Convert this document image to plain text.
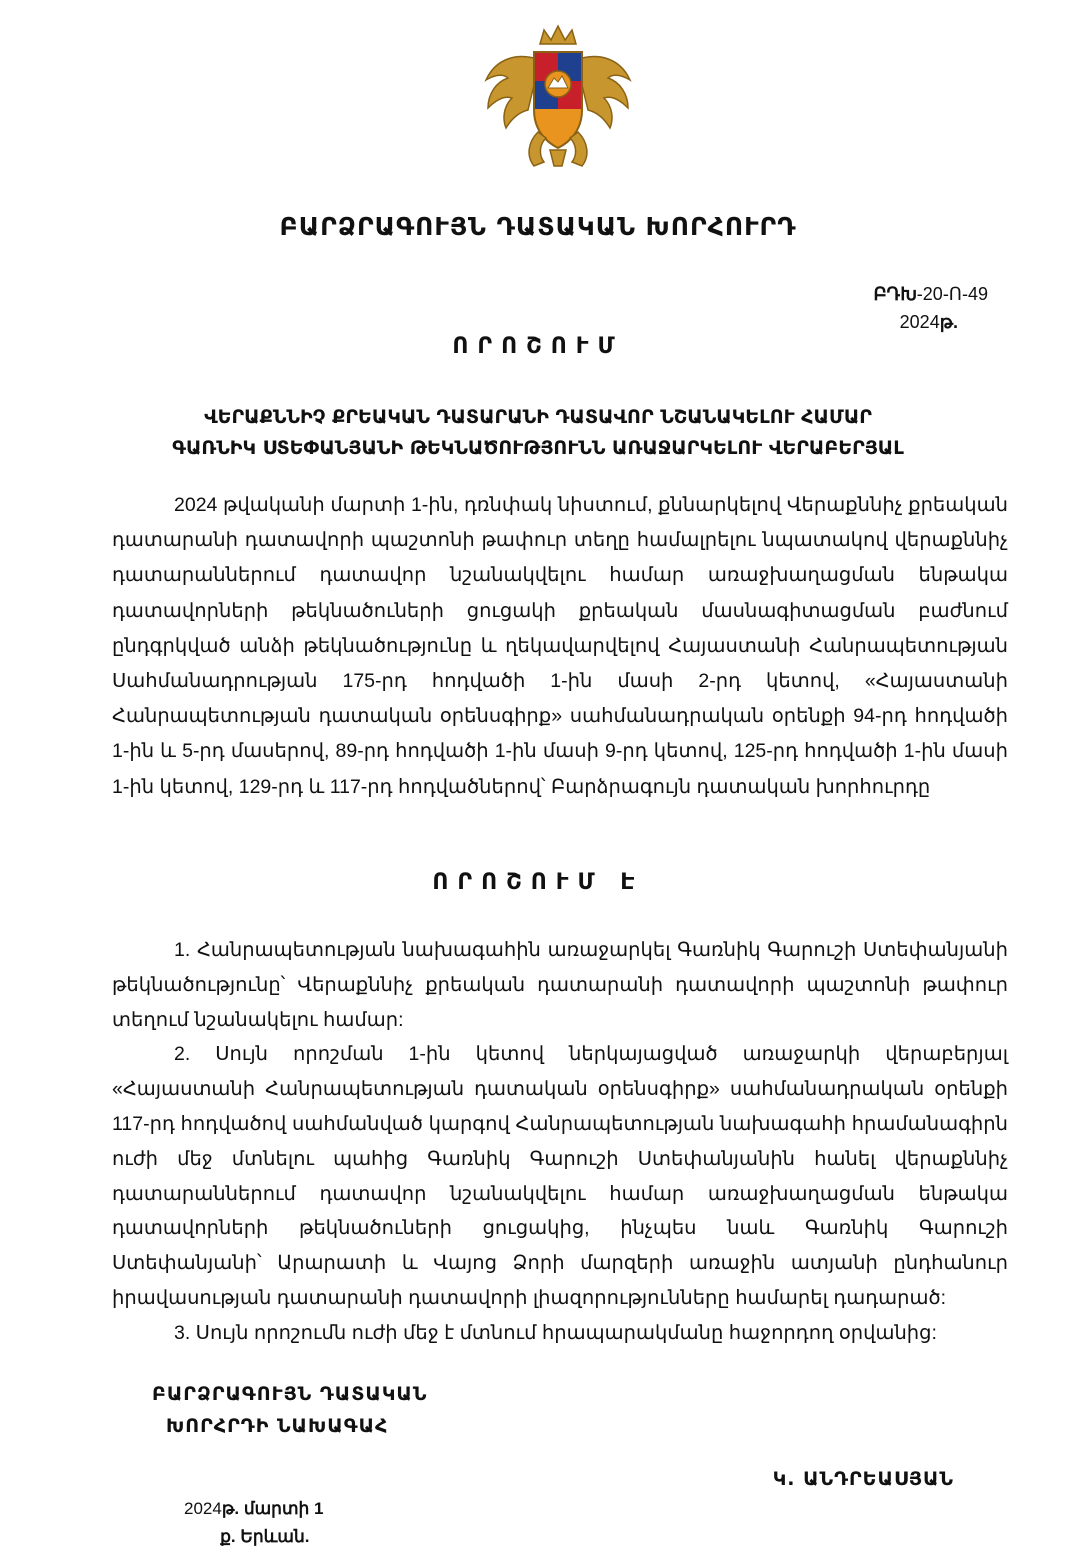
ԲԱՐՁՐԱԳՈՒՅՆ ԴԱՏԱԿԱՆ ԽՈՐՀՈՒՐԴ
ԲԴԽ-20-Ո-49
2024թ.
ՈՐՈՇՈՒՄ
ՎԵՐԱՔՆՆԻՉ ՔՐԵԱԿԱՆ ԴԱՏԱՐԱՆԻ ԴԱՏԱՎՈՐ ՆՇԱՆԱԿԵԼՈՒ ՀԱՄԱՐ
ԳԱՌՆԻԿ ՍՏԵՓԱՆՅԱՆԻ ԹԵԿՆԱԾՈՒԹՅՈՒՆՆ ԱՌԱՋԱՐԿԵԼՈՒ ՎԵՐԱԲԵՐՅԱԼ

2024 թվականի մարտի 1-ին, դռնփակ նիստում, քննարկելով Վերաքննիչ քրեական դատարանի դատավորի պաշտոնի թափուր տեղը համալրելու նպատակով վերաքննիչ դատարաններում դատավոր նշանակվելու համար առաջխաղացման ենթակա դատավորների թեկնածուների ցուցակի քրեական մասնագիտացման բաժնում ընդգրկված անձի թեկնածությունը և ղեկավարվելով Հայաստանի Հանրապետության Սահմանադրության 175-րդ հոդվածի 1-ին մասի 2-րդ կետով, «Հայաստանի Հանրապետության դատական օրենսգիրք» սահմանադրական օրենքի 94-րդ հոդվածի 1-ին և 5-րդ մասերով, 89-րդ հոդվածի 1-ին մասի 9-րդ կետով, 125-րդ հոդվածի 1-ին մասի 1-ին կետով, 129-րդ և 117-րդ հոդվածներով՝ Բարձրագույն դատական խորհուրդը

ՈՐՈՇՈՒՄ Է

1. Հանրապետության նախագահին առաջարկել Գառնիկ Գարուշի Ստեփանյանի թեկնածությունը՝ Վերաքննիչ քրեական դատարանի դատավորի պաշտոնի թափուր տեղում նշանակելու համար:

2. Սույն որոշման 1-ին կետով ներկայացված առաջարկի վերաբերյալ «Հայաստանի Հանրապետության դատական օրենսգիրք» սահմանադրական օրենքի 117-րդ հոդվածով սահմանված կարգով Հանրապետության նախագահի հրամանագիրն ուժի մեջ մտնելու պահից Գառնիկ Գարուշի Ստեփանյանին հանել վերաքննիչ դատարաններում դատավոր նշանակվելու համար առաջխաղացման ենթակա դատավորների թեկնածուների ցուցակից, ինչպես նաև Գառնիկ Գարուշի Ստեփանյանի՝ Արարատի և Վայոց Ձորի մարզերի առաջին ատյանի ընդհանուր իրավասության դատարանի դատավորի լիազորությունները համարել դադարած:

3. Սույն որոշումն ուժի մեջ է մտնում հրապարակմանը հաջորդող օրվանից:

ԲԱՐՁՐԱԳՈՒՅՆ ԴԱՏԱԿԱՆ
ԽՈՐՀՐԴԻ ՆԱԽԱԳԱՀ
Կ. ԱՆԴՐԵԱՍՅԱՆ
2024թ. մարտի 1
ք. Երևան.
